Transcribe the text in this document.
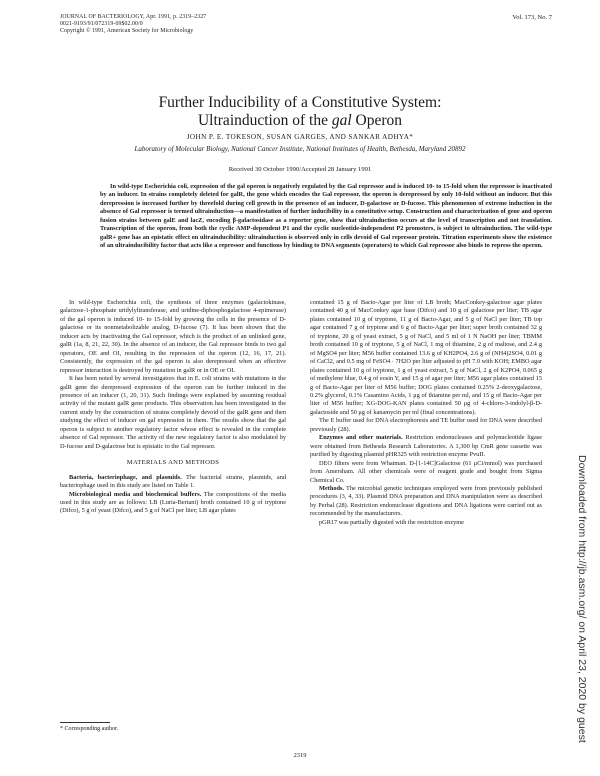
JOURNAL OF BACTERIOLOGY, Apr. 1991, p. 2319–2327
0021-9193/91/072319-09$02.00/0
Copyright © 1991, American Society for Microbiology
Vol. 173, No. 7
Further Inducibility of a Constitutive System:
Ultrainduction of the gal Operon
JOHN P. E. TOKESON, SUSAN GARGES, AND SANKAR ADHYA*
Laboratory of Molecular Biology, National Cancer Institute, National Institutes of Health, Bethesda, Maryland 20892
Received 30 October 1990/Accepted 28 January 1991

In wild-type Escherichia coli, expression of the gal operon is negatively regulated by the Gal repressor and is induced 10- to 15-fold when the repressor is inactivated by an inducer. In strains completely deleted for galR, the gene which encodes the Gal repressor, the operon is derepressed by only 10-fold without an inducer. But this derepression is increased further by threefold during cell growth in the presence of an inducer, D-galactose or D-fucose. This phenomenon of extreme induction in the absence of Gal repressor is termed ultrainduction—a manifestation of further inducibility in a constitutive setup. Construction and characterization of gene and operon fusion strains between galE and lacZ, encoding β-galactosidase as a reporter gene, show that ultrainduction occurs at the level of transcription and not translation. Transcription of the operon, from both the cyclic AMP-dependent P1 and the cyclic nucleotide-independent P2 promoters, is subject to ultrainduction. The wild-type galR+ gene has an epistatic effect on ultrainducibility: ultrainduction is observed only in cells devoid of Gal repressor protein. Titration experiments show the existence of an ultrainducibility factor that acts like a repressor and functions by binding to DNA segments (operators) to which Gal repressor also binds to repress the operon.

In wild-type Escherichia coli, the synthesis of three enzymes (galactokinase, galactose-1-phosphate uridylyltransferase, and uridine-diphosphogalactose 4-epimerase) of the gal operon is induced 10- to 15-fold by growing the cells in the presence of D-galactose or its nonmetabolizable analog, D-fucose (7). It has been shown that the inducer acts by inactivating the Gal repressor, which is the product of an unlinked gene, galR (1a, 8, 21, 22, 30). In the absence of an inducer, the Gal repressor binds to two gal operators, OE and OI, resulting in the repression of the operon (12, 16, 17, 21). Consistently, the expression of the gal operon is also derepressed when an effective repressor interaction is destroyed by mutation in galR or in OE or OI.

It has been noted by several investigators that in E. coli strains with mutations in the galR gene the derepressed expression of the operon can be further induced in the presence of an inducer (1, 20, 31). Such findings were explained by assuming residual activity of the mutant galR gene products. This observation has been investigated in the current study by the construction of strains completely devoid of the galR gene and then studying the effect of inducer on gal expression in them. The results show that the gal operon is subject to another regulatory factor whose effect is revealed in the complete absence of Gal repressor. The activity of the new regulatory factor is also modulated by D-fucose and D-galactose but is epistatic to the Gal repressor.

MATERIALS AND METHODS

Bacteria, bacteriophage, and plasmids. The bacterial strains, plasmids, and bacteriophage used in this study are listed on Table 1.

Microbiological media and biochemical buffers. The compositions of the media used in this study are as follows: LB (Luria-Bertani) broth contained 10 g of tryptone (Difco), 5 g of yeast (Difco), and 5 g of NaCl per liter; LB agar plates

contained 15 g of Bacto-Agar per liter of LB broth; MacConkey-galactose agar plates contained 40 g of MacConkey agar base (Difco) and 10 g of galactose per liter; TB agar plates contained 10 g of tryptone, 11 g of Bacto-Agar, and 5 g of NaCl per liter; TB top agar contained 7 g of tryptone and 6 g of Bacto-Agar per liter; super broth contained 32 g of tryptone, 20 g of yeast extract, 5 g of NaCl, and 5 ml of 1 N NaOH per liter; TBMM broth contained 10 g of tryptone, 5 g of NaCl, 1 mg of thiamine, 2 g of maltose, and 2.4 g of MgSO4 per liter; M56 buffer contained 13.6 g of KH2PO4, 2.6 g of (NH4)2SO4, 0.01 g of CaCl2, and 0.5 mg of FeSO4 · 7H2O per liter adjusted to pH 7.0 with KOH; EMBO agar plates contained 10 g of tryptone, 1 g of yeast extract, 5 g of NaCl, 2 g of K2PO4, 0.065 g of methylene blue, 0.4 g of eosin Y, and 15 g of agar per liter; M56 agar plates contained 15 g of Bacto-Agar per liter of M56 buffer; DOG plates contained 0.25% 2-deoxygalactose, 0.2% glycerol, 0.1% Casamino Acids, 1 μg of thiamine per ml, and 15 g of Bacto-Agar per liter of M56 buffer; XG-DOG-KAN plates contained 50 μg of 4-chloro-3-indolyl-β-D-galactoside and 50 μg of kanamycin per ml (final concentrations).

The E buffer used for DNA electrophoresis and TE buffer used for DNA were described previously (28).

Enzymes and other materials. Restriction endonucleases and polynucleotide ligase were obtained from Bethesda Research Laboratories. A 1,300 bp CmR gene cassette was purified by digesting plasmid pHR325 with restriction enzyme PvuII.

DEO filters were from Whatman. D-[1-14C]Galactose (61 μCi/mmol) was purchased from Amersham. All other chemicals were of reagent grade and bought from Sigma Chemical Co.

Methods. The microbial genetic techniques employed were from previously published procedures (3, 4, 33). Plasmid DNA preparation and DNA manipulation were as described by Perbal (28). Restriction endonuclease digestions and DNA ligations were carried out as recommended by the manufacturers.

pGR17 was partially digested with the restriction enzyme

* Corresponding author.
2319
Downloaded from http://jb.asm.org/ on April 23, 2020 by guest
